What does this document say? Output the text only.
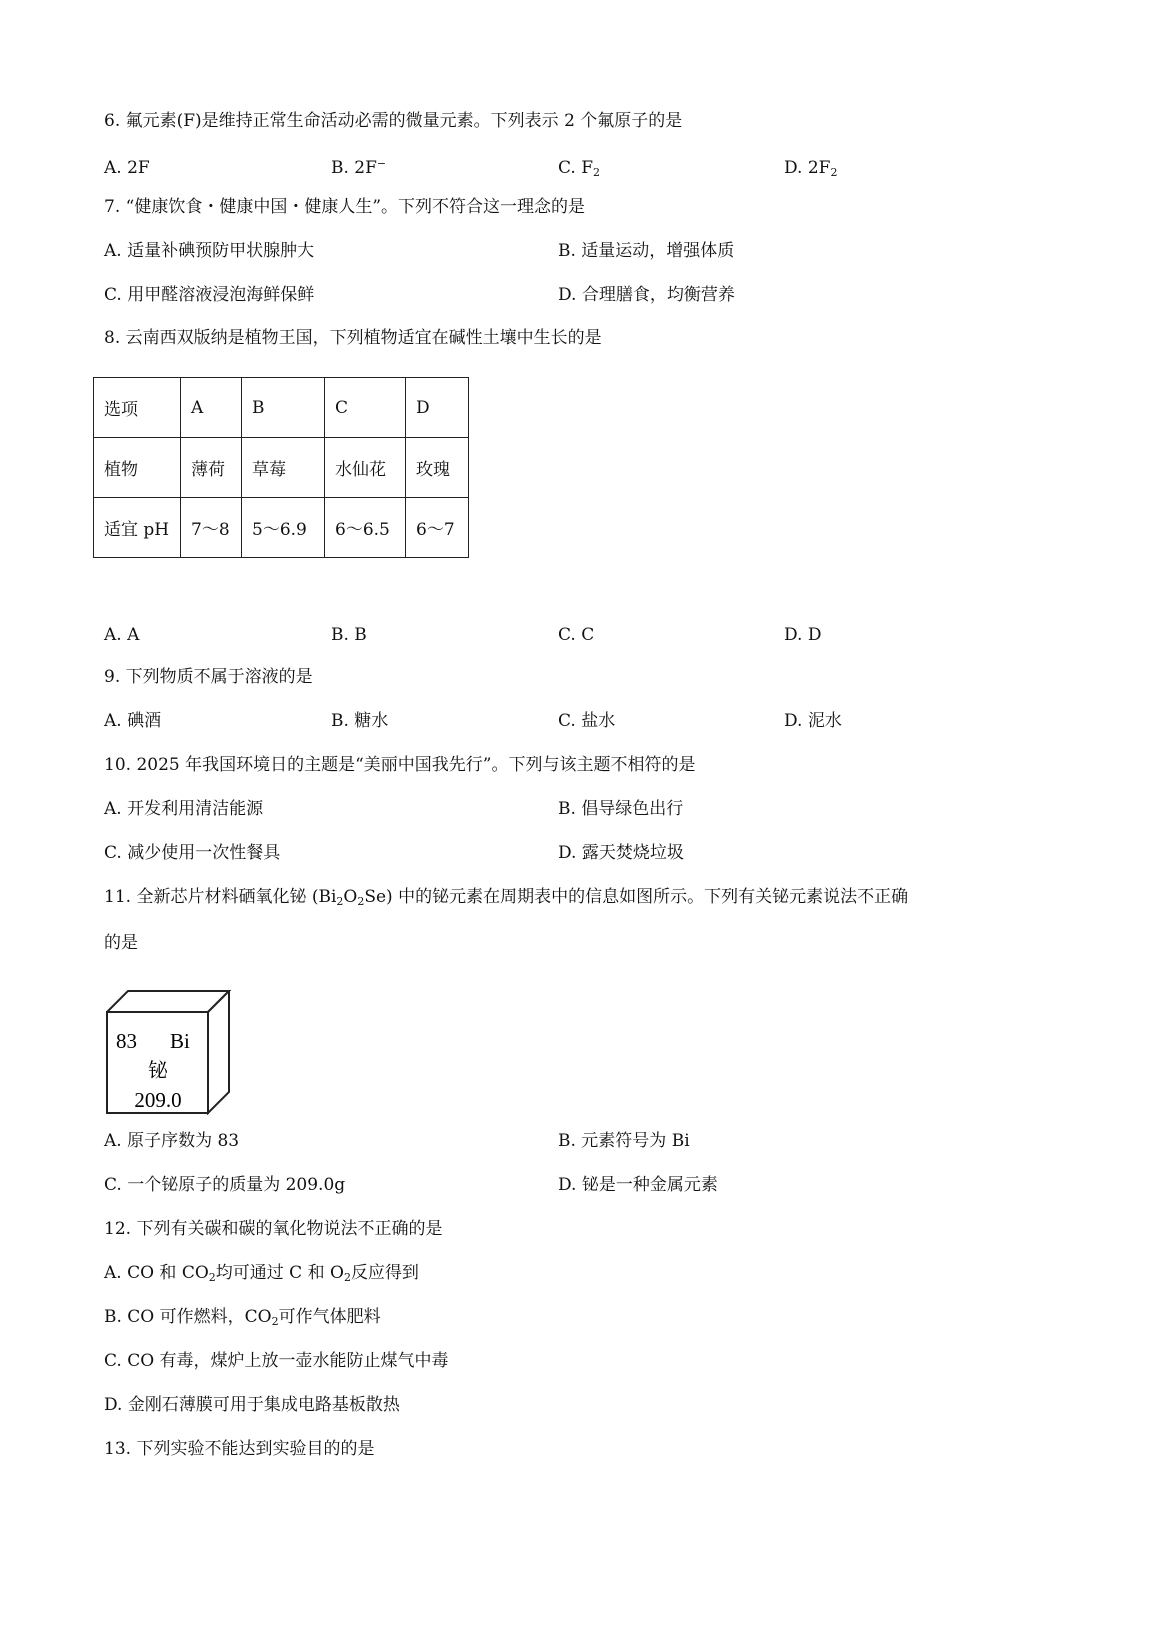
6. 氟元素(F)是维持正常生命活动必需的微量元素。下列表示 2 个氟原子的是
A. 2F	B. 2F−	C. $F_2$	D. $2F_2$
7. “健康饮食・健康中国・健康人生”。下列不符合这一理念的是
A. 适量补碘预防甲状腺肿大	B. 适量运动，增强体质
C. 用甲醛溶液浸泡海鲜保鲜	D. 合理膳食，均衡营养
8. 云南西双版纳是植物王国，下列植物适宜在碱性土壤中生长的是
选项	A	B	C	D
植物	薄荷	草莓	水仙花	玫瑰
适宜 pH	7～8	5～6.9	6～6.5	6～7
A. A	B. B	C. C	D. D
9. 下列物质不属于溶液的是
A. 碘酒	B. 糖水	C. 盐水	D. 泥水
10. 2025 年我国环境日的主题是“美丽中国我先行”。下列与该主题不相符的是
A. 开发利用清洁能源	B. 倡导绿色出行
C. 减少使用一次性餐具	D. 露天焚烧垃圾
11. 全新芯片材料硒氧化铋 $(Bi_2O_2Se)$ 中的铋元素在周期表中的信息如图所示。下列有关铋元素说法不正确
的是
83 Bi
铋
209.0
A. 原子序数为 83	B. 元素符号为 Bi
C. 一个铋原子的质量为 209.0g	D. 铋是一种金属元素
12. 下列有关碳和碳的氧化物说法不正确的是
A. CO 和 $CO_2$均可通过 C 和 $O_2$反应得到
B. CO 可作燃料，$CO_2$可作气体肥料
C. CO 有毒，煤炉上放一壶水能防止煤气中毒
D. 金刚石薄膜可用于集成电路基板散热
13. 下列实验不能达到实验目的的是
